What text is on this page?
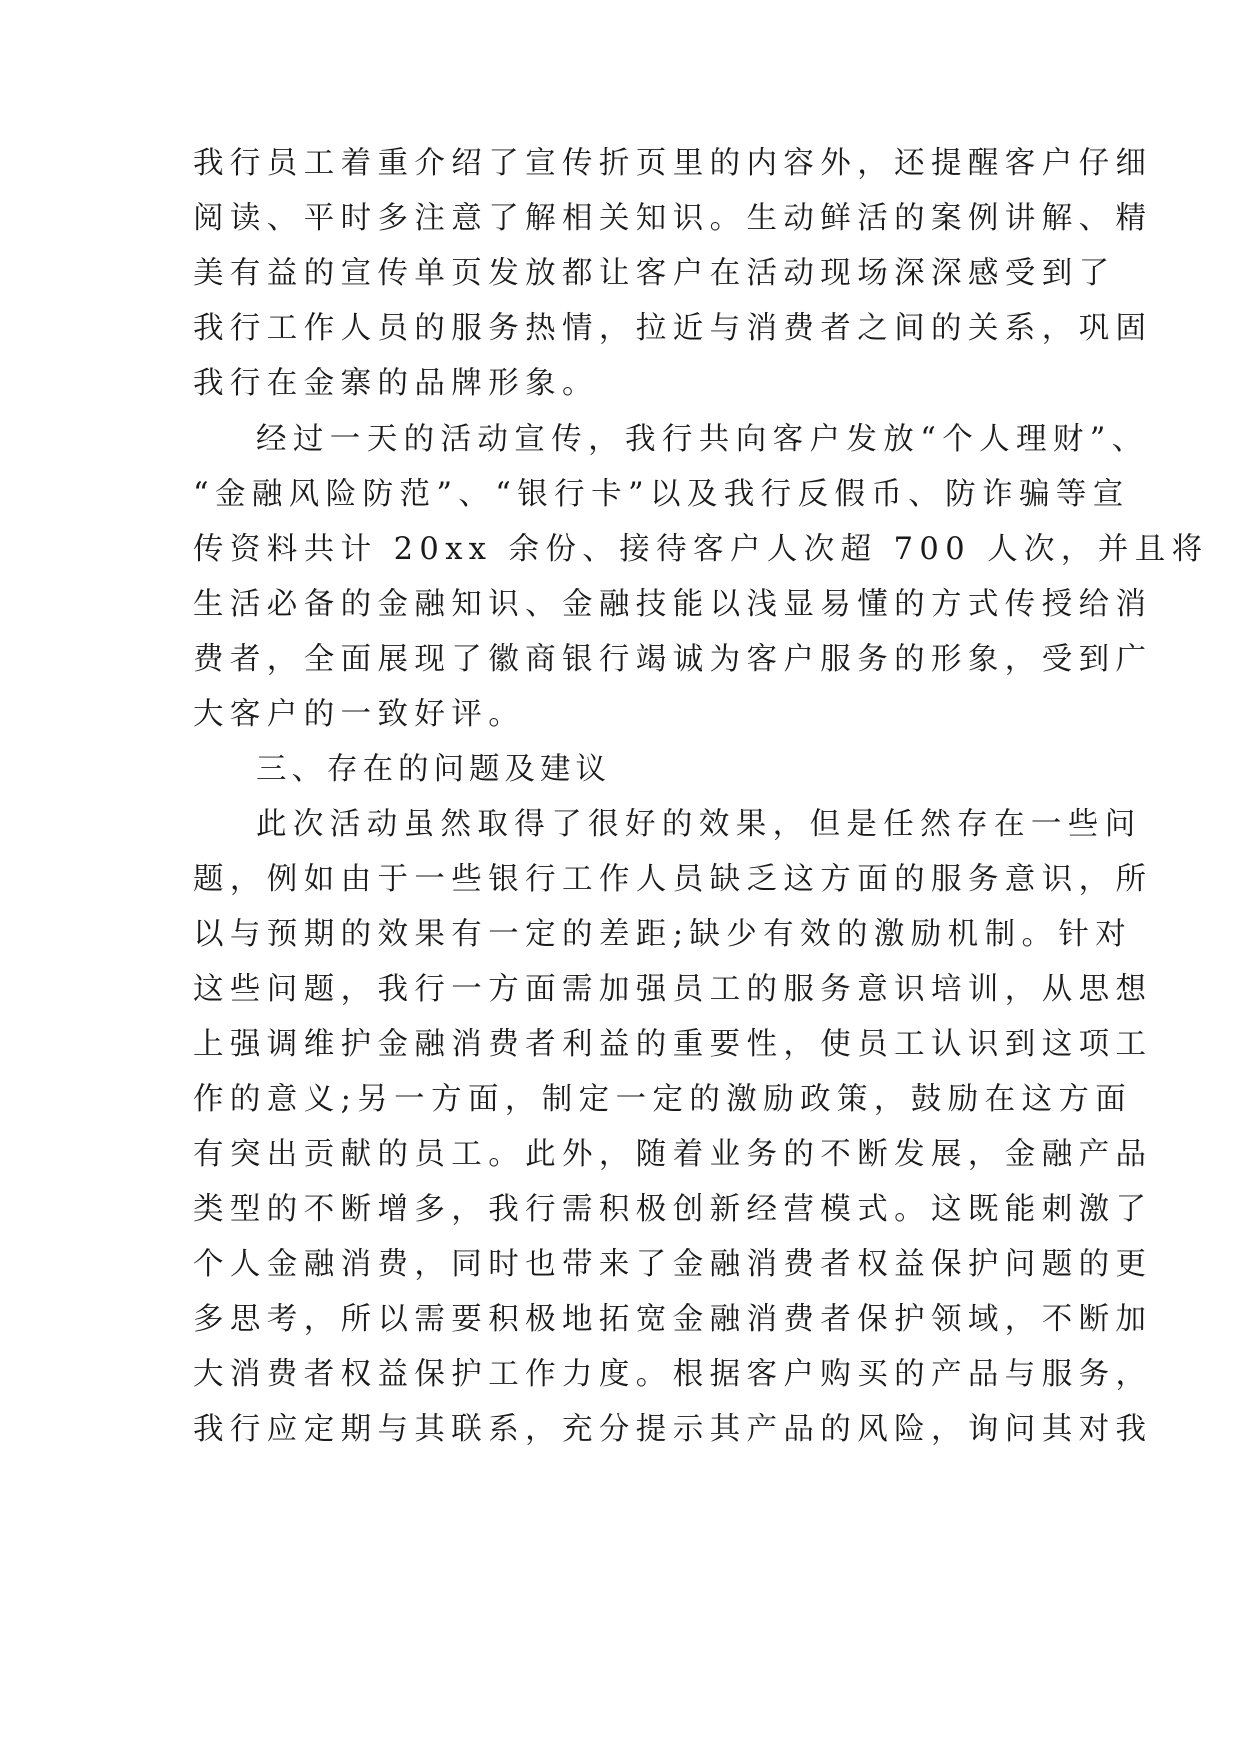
我行员工着重介绍了宣传折页里的内容外，还提醒客户仔细

阅读、平时多注意了解相关知识。生动鲜活的案例讲解、精

美有益的宣传单页发放都让客户在活动现场深深感受到了

我行工作人员的服务热情，拉近与消费者之间的关系，巩固

我行在金寨的品牌形象。

经过一天的活动宣传，我行共向客户发放“个人理财”、

“金融风险防范”、“银行卡”以及我行反假币、防诈骗等宣

传资料共计 20xx 余份、接待客户人次超 700 人次，并且将

生活必备的金融知识、金融技能以浅显易懂的方式传授给消

费者，全面展现了徽商银行竭诚为客户服务的形象，受到广

大客户的一致好评。

三、存在的问题及建议

此次活动虽然取得了很好的效果，但是任然存在一些问

题，例如由于一些银行工作人员缺乏这方面的服务意识，所

以与预期的效果有一定的差距;缺少有效的激励机制。针对

这些问题，我行一方面需加强员工的服务意识培训，从思想

上强调维护金融消费者利益的重要性，使员工认识到这项工

作的意义;另一方面，制定一定的激励政策，鼓励在这方面

有突出贡献的员工。此外，随着业务的不断发展，金融产品

类型的不断增多，我行需积极创新经营模式。这既能刺激了

个人金融消费，同时也带来了金融消费者权益保护问题的更

多思考，所以需要积极地拓宽金融消费者保护领域，不断加

大消费者权益保护工作力度。根据客户购买的产品与服务，

我行应定期与其联系，充分提示其产品的风险，询问其对我
